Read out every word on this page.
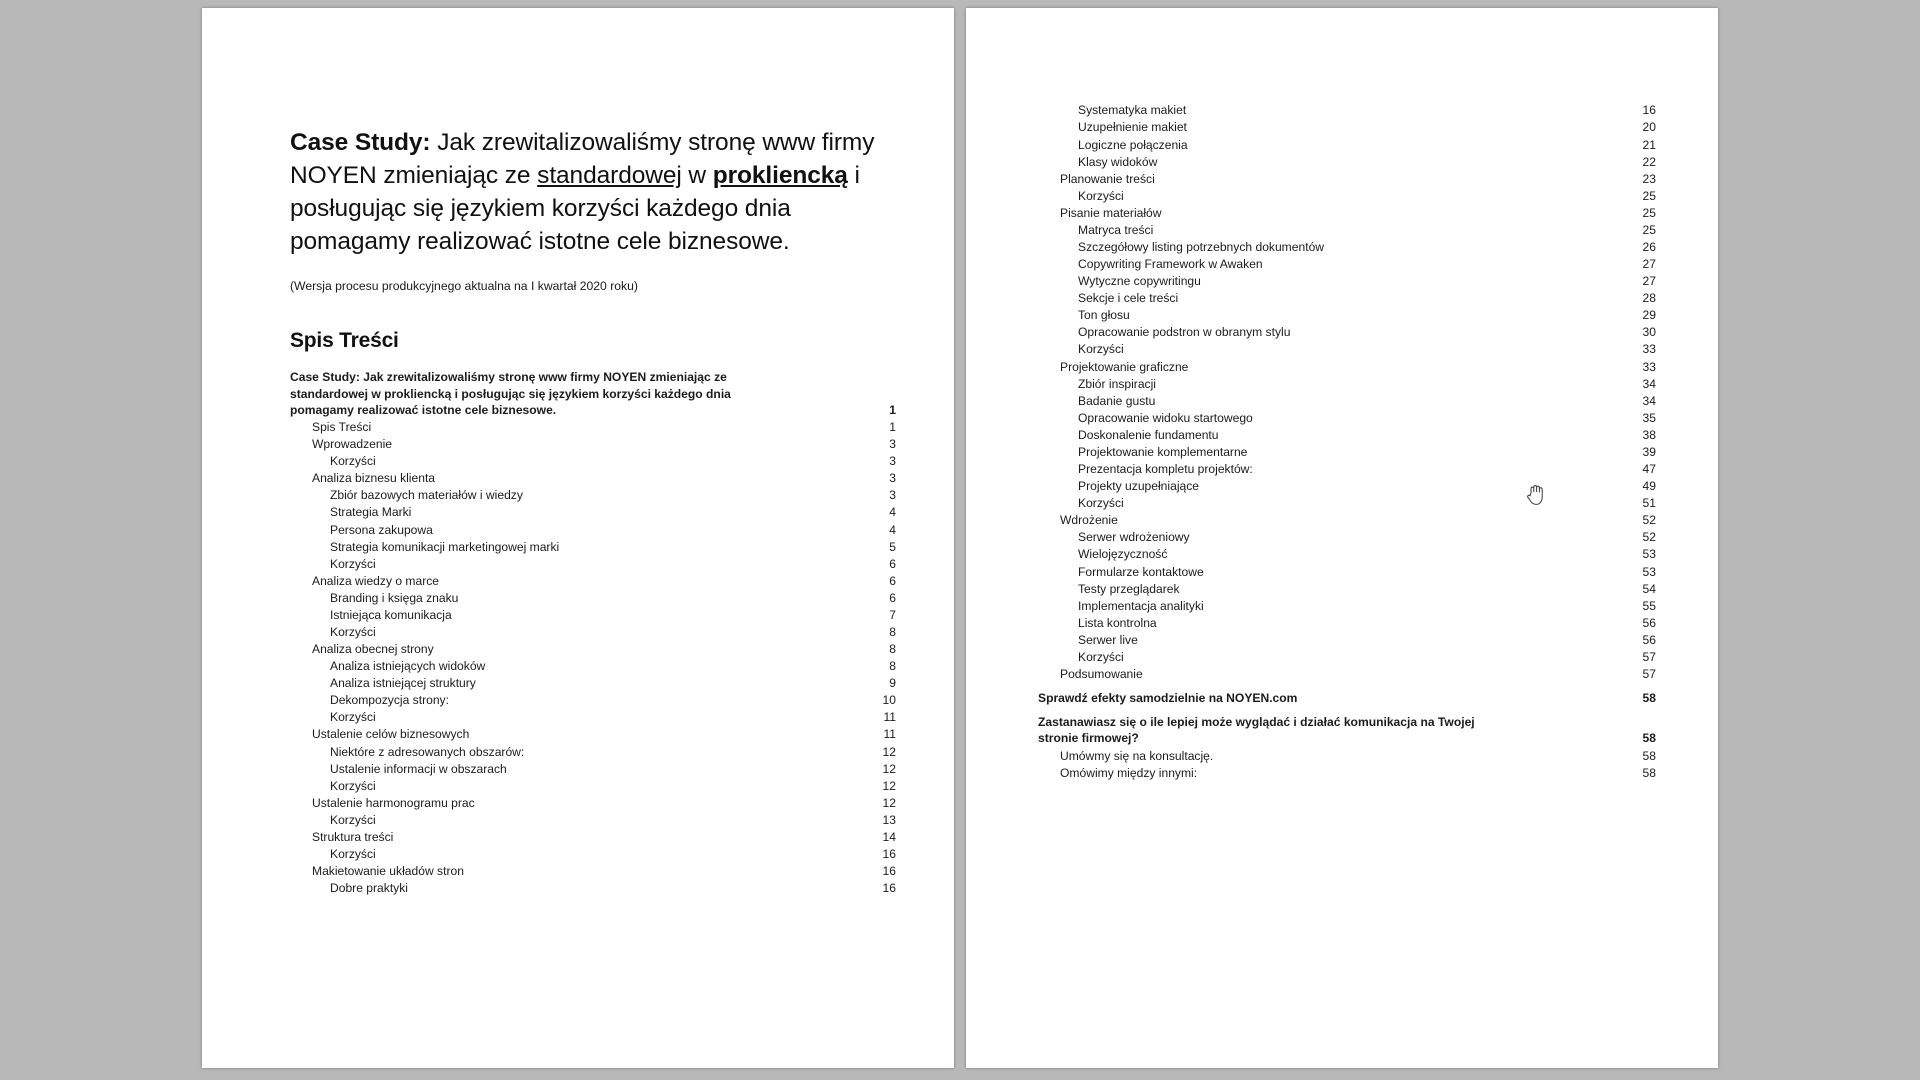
Case Study: Jak zrewitalizowaliśmy stronę www firmy NOYEN zmieniając ze standardowej w prokliencką i posługując się językiem korzyści każdego dnia pomagamy realizować istotne cele biznesowe.
(Wersja procesu produkcyjnego aktualna na I kwartał 2020 roku)
Spis Treści
Case Study: Jak zrewitalizowaliśmy stronę www firmy NOYEN zmieniając ze standardowej w prokliencką i posługując się językiem korzyści każdego dnia pomagamy realizować istotne cele biznesowe.	1
Spis Treści	1
Wprowadzenie	3
Korzyści	3
Analiza biznesu klienta	3
Zbiór bazowych materiałów i wiedzy	3
Strategia Marki	4
Persona zakupowa	4
Strategia komunikacji marketingowej marki	5
Korzyści	6
Analiza wiedzy o marce	6
Branding i księga znaku	6
Istniejąca komunikacja	7
Korzyści	8
Analiza obecnej strony	8
Analiza istniejących widoków	8
Analiza istniejącej struktury	9
Dekompozycja strony:	10
Korzyści	11
Ustalenie celów biznesowych	11
Niektóre z adresowanych obszarów:	12
Ustalenie informacji w obszarach	12
Korzyści	12
Ustalenie harmonogramu prac	12
Korzyści	13
Struktura treści	14
Korzyści	16
Makietowanie układów stron	16
Dobre praktyki	16
Systematyka makiet	16
Uzupełnienie makiet	20
Logiczne połączenia	21
Klasy widoków	22
Planowanie treści	23
Korzyści	25
Pisanie materiałów	25
Matryca treści	25
Szczegółowy listing potrzebnych dokumentów	26
Copywriting Framework w Awaken	27
Wytyczne copywritingu	27
Sekcje i cele treści	28
Ton głosu	29
Opracowanie podstron w obranym stylu	30
Korzyści	33
Projektowanie graficzne	33
Zbiór inspiracji	34
Badanie gustu	34
Opracowanie widoku startowego	35
Doskonalenie fundamentu	38
Projektowanie komplementarne	39
Prezentacja kompletu projektów:	47
Projekty uzupełniające	49
Korzyści	51
Wdrożenie	52
Serwer wdrożeniowy	52
Wielojęzyczność	53
Formularze kontaktowe	53
Testy przeglądarek	54
Implementacja analityki	55
Lista kontrolna	56
Serwer live	56
Korzyści	57
Podsumowanie	57
Sprawdź efekty samodzielnie na NOYEN.com	58
Zastanawiasz się o ile lepiej może wyglądać i działać komunikacja na Twojej stronie firmowej?	58
Umówmy się na konsultację.	58
Omówimy między innymi:	58
